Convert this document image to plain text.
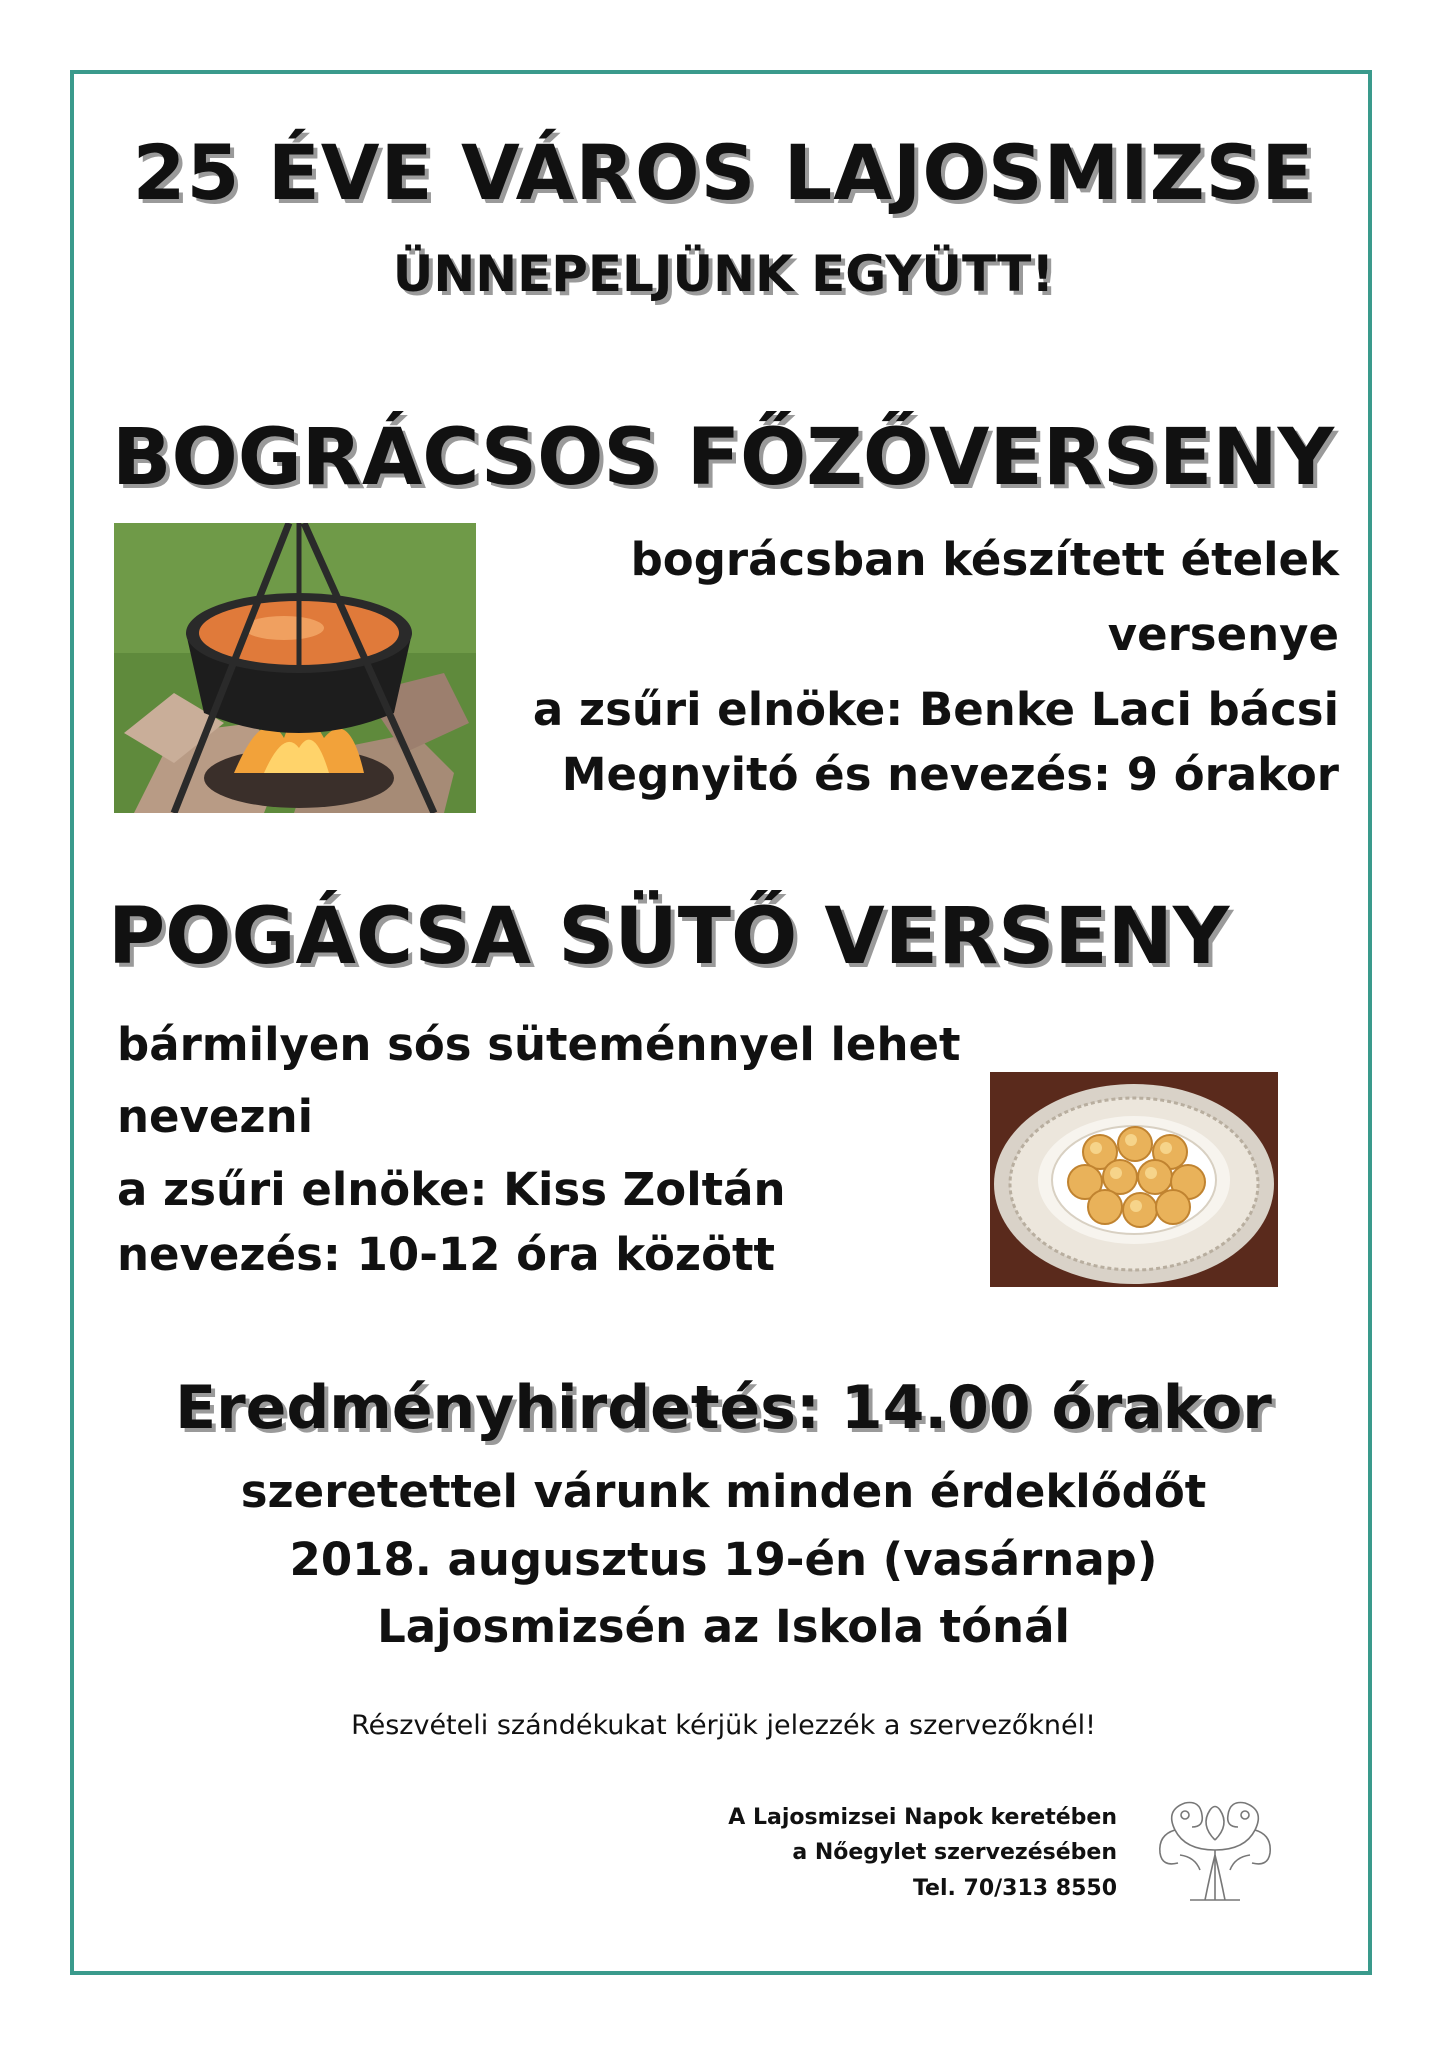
25 ÉVE VÁROS LAJOSMIZSE
ÜNNEPELJÜNK EGYÜTT!
BOGRÁCSOS FŐZŐVERSENY

bográcsban készített ételek

versenye

a zsűri elnöke: Benke Laci bácsi

Megnyitó és nevezés: 9 órakor

POGÁCSA SÜTŐ VERSENY

bármilyen sós süteménnyel lehet

nevezni

a zsűri elnöke: Kiss Zoltán

nevezés: 10-12 óra között

Eredményhirdetés: 14.00 órakor

szeretettel várunk minden érdeklődőt

2018. augusztus 19-én (vasárnap)

Lajosmizsén az Iskola tónál

Részvételi szándékukat kérjük jelezzék a szervezőknél!

A Lajosmizsei Napok keretében

a Nőegylet szervezésében

Tel. 70/313 8550
